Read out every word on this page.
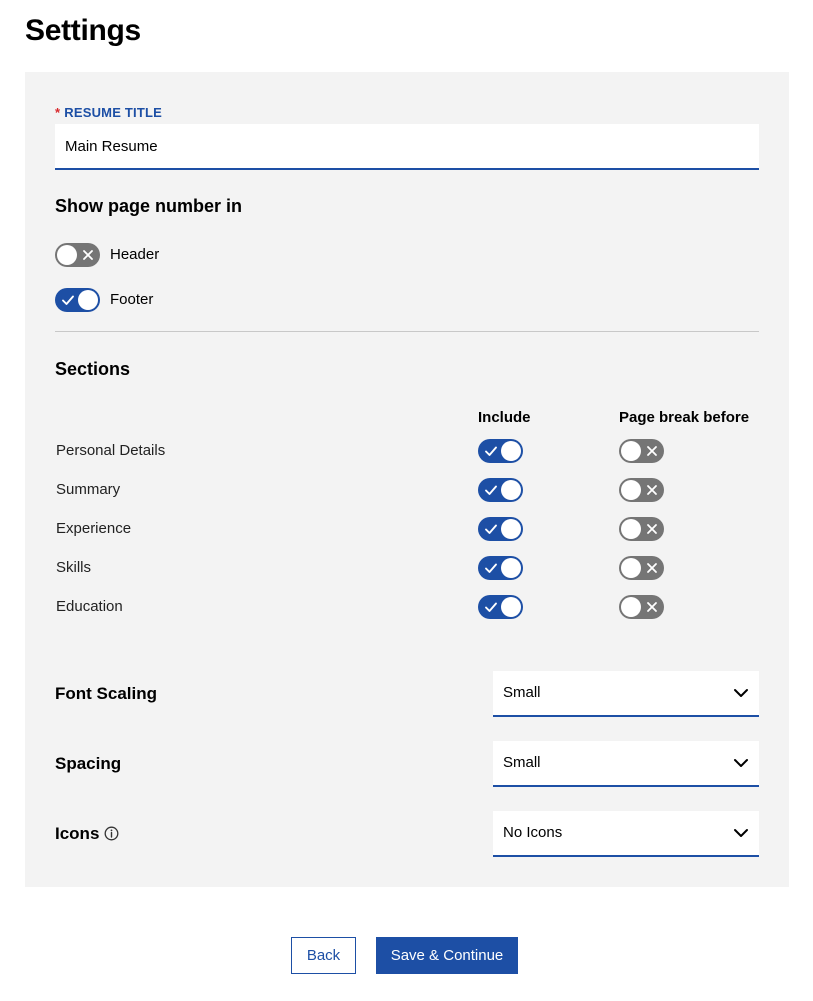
Settings
* RESUME TITLE
Main Resume
Show page number in
Header
Footer
Sections
Include	Page break before
Personal Details
Summary
Experience
Skills
Education
Font Scaling	Small
Spacing	Small
Icons	No Icons
Back	Save & Continue
